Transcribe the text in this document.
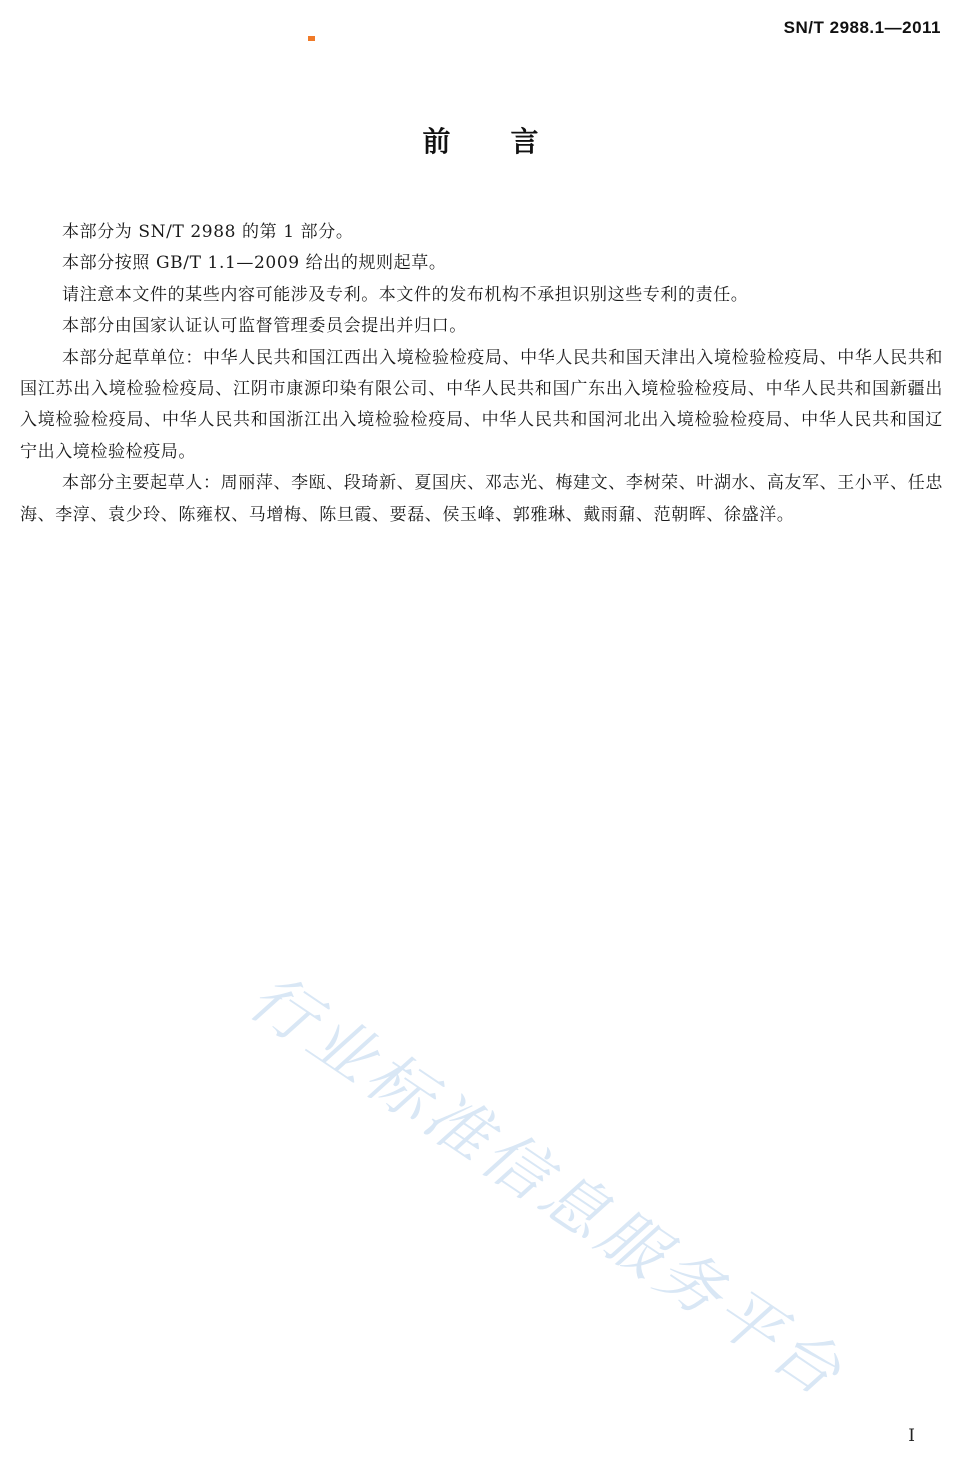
SN/T 2988.1—2011
前言

本部分为 SN/T 2988 的第 1 部分。

本部分按照 GB/T 1.1—2009 给出的规则起草。

请注意本文件的某些内容可能涉及专利。本文件的发布机构不承担识别这些专利的责任。

本部分由国家认证认可监督管理委员会提出并归口。

本部分起草单位：中华人民共和国江西出入境检验检疫局、中华人民共和国天津出入境检验检疫局、中华人民共和国江苏出入境检验检疫局、江阴市康源印染有限公司、中华人民共和国广东出入境检验检疫局、中华人民共和国新疆出入境检验检疫局、中华人民共和国浙江出入境检验检疫局、中华人民共和国河北出入境检验检疫局、中华人民共和国辽宁出入境检验检疫局。

本部分主要起草人：周丽萍、李瓯、段琦新、夏国庆、邓志光、梅建文、李树荣、叶湖水、高友军、王小平、任忠海、李淳、袁少玲、陈雍权、马增梅、陈旦霞、要磊、侯玉峰、郭雅琳、戴雨鼐、范朝晖、徐盛洋。

行业标准信息服务平台
I
